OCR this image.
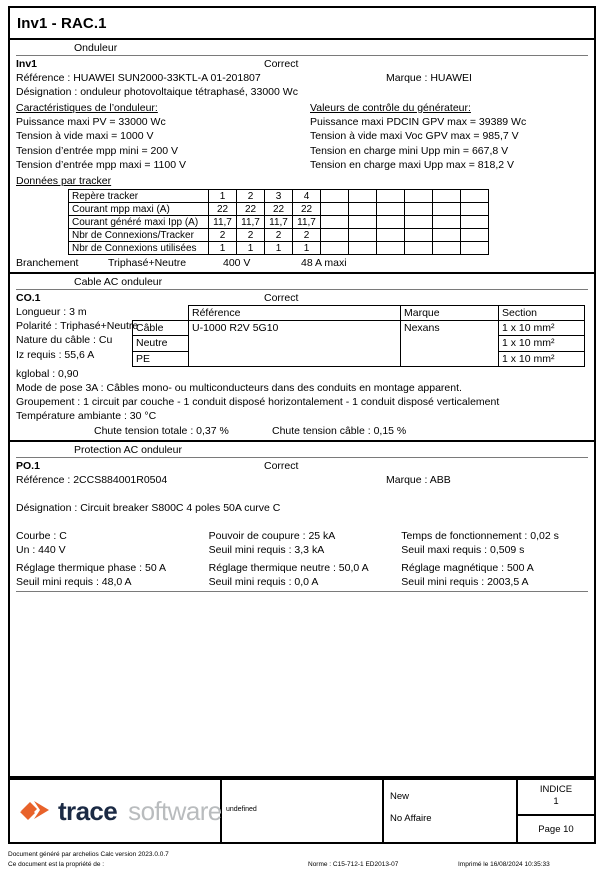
Inv1 - RAC.1
Onduleur
Inv1	Correct
Référence : HUAWEI SUN2000-33KTL-A 01-201807	Marque : HUAWEI
Désignation : onduleur photovoltaique tétraphasé, 33000 Wc
Caractéristiques de l’onduleur:
Puissance maxi PV = 33000 Wc
Tension à vide maxi = 1000 V
Tension d’entrée mpp mini = 200 V
Tension d’entrée mpp maxi = 1100 V
Valeurs de contrôle du générateur:
Puissance maxi PDCIN GPV max = 39389 Wc
Tension à vide maxi Voc GPV max = 985,7 V
Tension en charge mini Upp min = 667,8 V
Tension en charge maxi Upp max = 818,2 V
Données par tracker
Repère tracker	1	2	3	4						
Courant mpp maxi (A)	22	22	22	22						
Courant généré maxi Ipp (A)	11,7	11,7	11,7	11,7						
Nbr de Connexions/Tracker	2	2	2	2						
Nbr de Connexions utilisées	1	1	1	1						
Branchement	Triphasé+Neutre	400 V	48 A maxi
Cable AC onduleur
CO.1	Correct
Longueur : 3 m
Polarité : Triphasé+Neutre
Nature du câble : Cu
Iz requis : 55,6 A
	Référence	Marque	Section
Câble	U-1000 R2V 5G10	Nexans	1 x 10 mm²
Neutre			1 x 10 mm²
PE			1 x 10 mm²
kglobal : 0,90
Mode de pose 3A : Câbles mono- ou multiconducteurs dans des conduits en montage apparent.
Groupement : 1 circuit par couche - 1 conduit disposé horizontalement - 1 conduit disposé verticalement
Température ambiante : 30 °C
Chute tension totale : 0,37 %	Chute tension câble : 0,15 %
Protection AC onduleur
PO.1	Correct
Référence : 2CCS884001R0504	Marque : ABB
Désignation : Circuit breaker S800C 4 poles 50A curve C
Courbe : C
Un : 440 V
Pouvoir de coupure : 25 kA
Seuil mini requis : 3,3 kA
Temps de fonctionnement : 0,02 s
Seuil maxi requis : 0,509 s
Réglage thermique phase : 50 A
Seuil mini requis : 48,0 A
Réglage thermique neutre : 50,0 A
Seuil mini requis : 0,0 A
Réglage magnétique : 500 A
Seuil mini requis : 2003,5 A
trace software undefined
New
No Affaire
INDICE
1
Page 10
Document généré par archelios Calc version 2023.0.0.7
Ce document est la propriété de :	Norme : C15-712-1 ED2013-07	Imprimé le 16/08/2024 10:35:33
